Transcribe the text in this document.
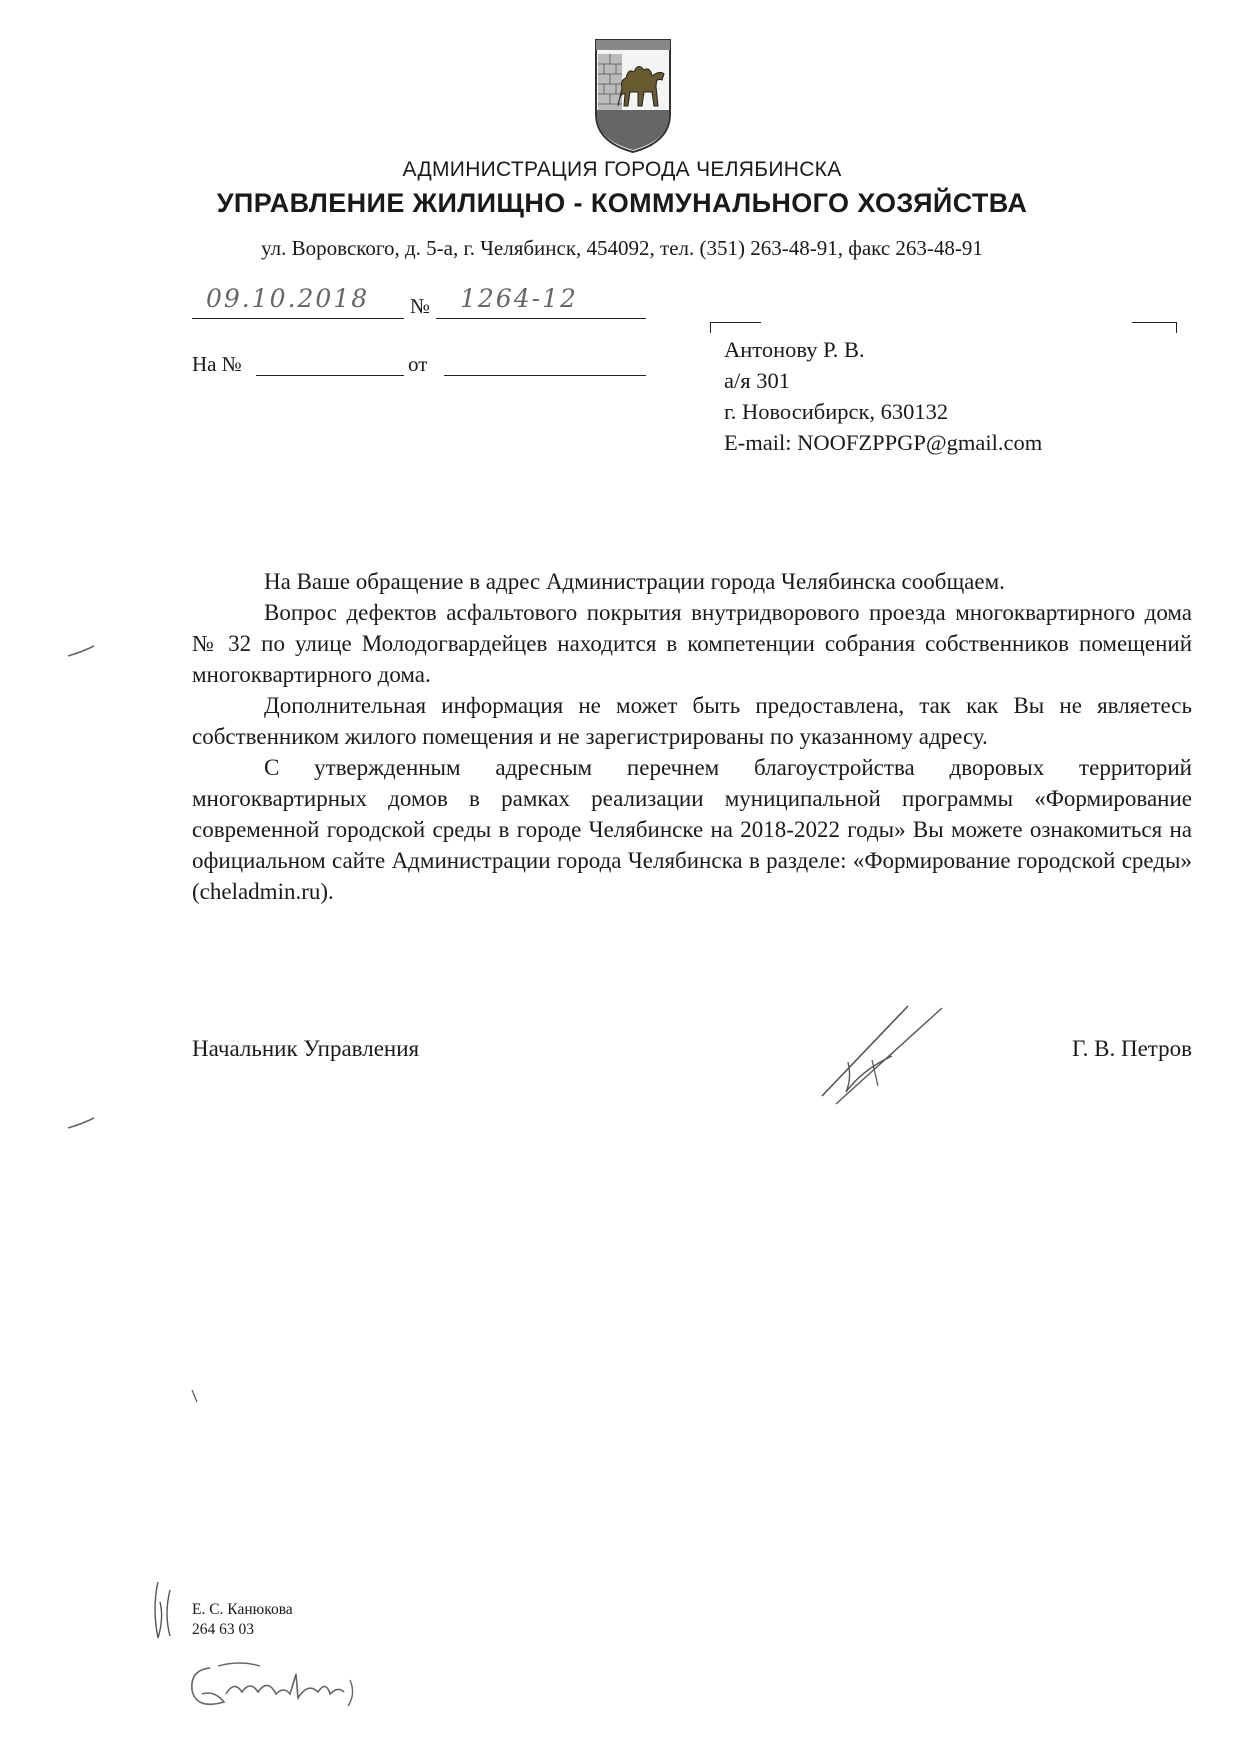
АДМИНИСТРАЦИЯ ГОРОДА ЧЕЛЯБИНСКА
УПРАВЛЕНИЕ ЖИЛИЩНО - КОММУНАЛЬНОГО ХОЗЯЙСТВА
ул. Воровского, д. 5-а, г. Челябинск, 454092, тел. (351) 263-48-91, факс 263-48-91
09.10.2018 № 1264-12
На №	от
Антонову Р. В.
а/я 301
г. Новосибирск, 630132
E-mail: NOOFZPPGP@gmail.com

На Ваше обращение в адрес Администрации города Челябинска сообщаем.

Вопрос дефектов асфальтового покрытия внутридворового проезда многоквартирного дома № 32 по улице Молодогвардейцев находится в компетенции собрания собственников помещений многоквартирного дома.

Дополнительная информация не может быть предоставлена, так как Вы не являетесь собственником жилого помещения и не зарегистрированы по указанному адресу.

С утвержденным адресным перечнем благоустройства дворовых территорий многоквартирных домов в рамках реализации муниципальной программы «Формирование современной городской среды в городе Челябинске на 2018-2022 годы» Вы можете ознакомиться на официальном сайте Администрации города Челябинска в разделе: «Формирование городской среды» (cheladmin.ru).

Начальник Управления	Г. В. Петров
Е. С. Канюкова
264 63 03
